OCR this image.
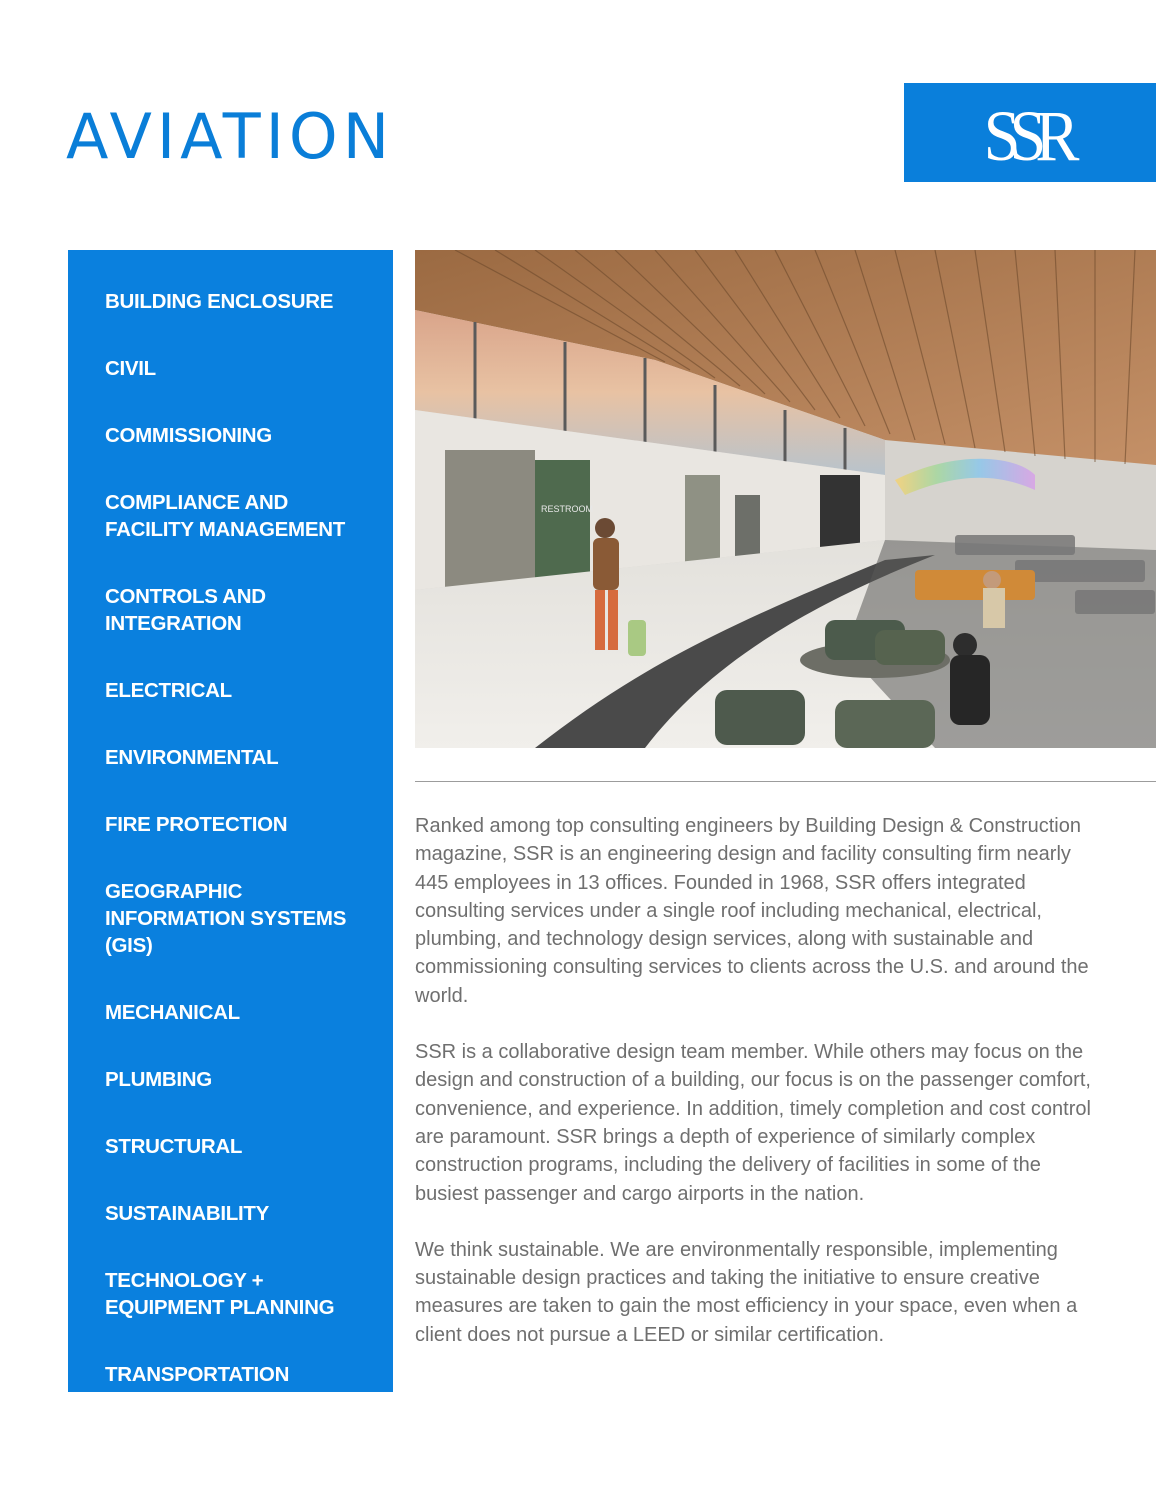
AVIATION	SSR
BUILDING ENCLOSURE
CIVIL
COMMISSIONING
COMPLIANCE AND
FACILITY MANAGEMENT
CONTROLS AND
INTEGRATION
ELECTRICAL
ENVIRONMENTAL
FIRE PROTECTION
GEOGRAPHIC
INFORMATION SYSTEMS
(GIS)
MECHANICAL
PLUMBING
STRUCTURAL
SUSTAINABILITY
TECHNOLOGY +
EQUIPMENT PLANNING
TRANSPORTATION
RESTROOM

Ranked among top consulting engineers by Building Design & Construction magazine, SSR is an engineering design and facility consulting firm nearly 445 employees in 13 offices. Founded in 1968, SSR offers integrated consulting services under a single roof including mechanical, electrical, plumbing, and technology design services, along with sustainable and commissioning consulting services to clients across the U.S. and around the world.

SSR is a collaborative design team member. While others may focus on the design and construction of a building, our focus is on the passenger comfort, convenience, and experience. In addition, timely completion and cost control are paramount. SSR brings a depth of experience of similarly complex construction programs, including the delivery of facilities in some of the busiest passenger and cargo airports in the nation.

We think sustainable. We are environmentally responsible, implementing sustainable design practices and taking the initiative to ensure creative measures are taken to gain the most efficiency in your space, even when a client does not pursue a LEED or similar certification.
